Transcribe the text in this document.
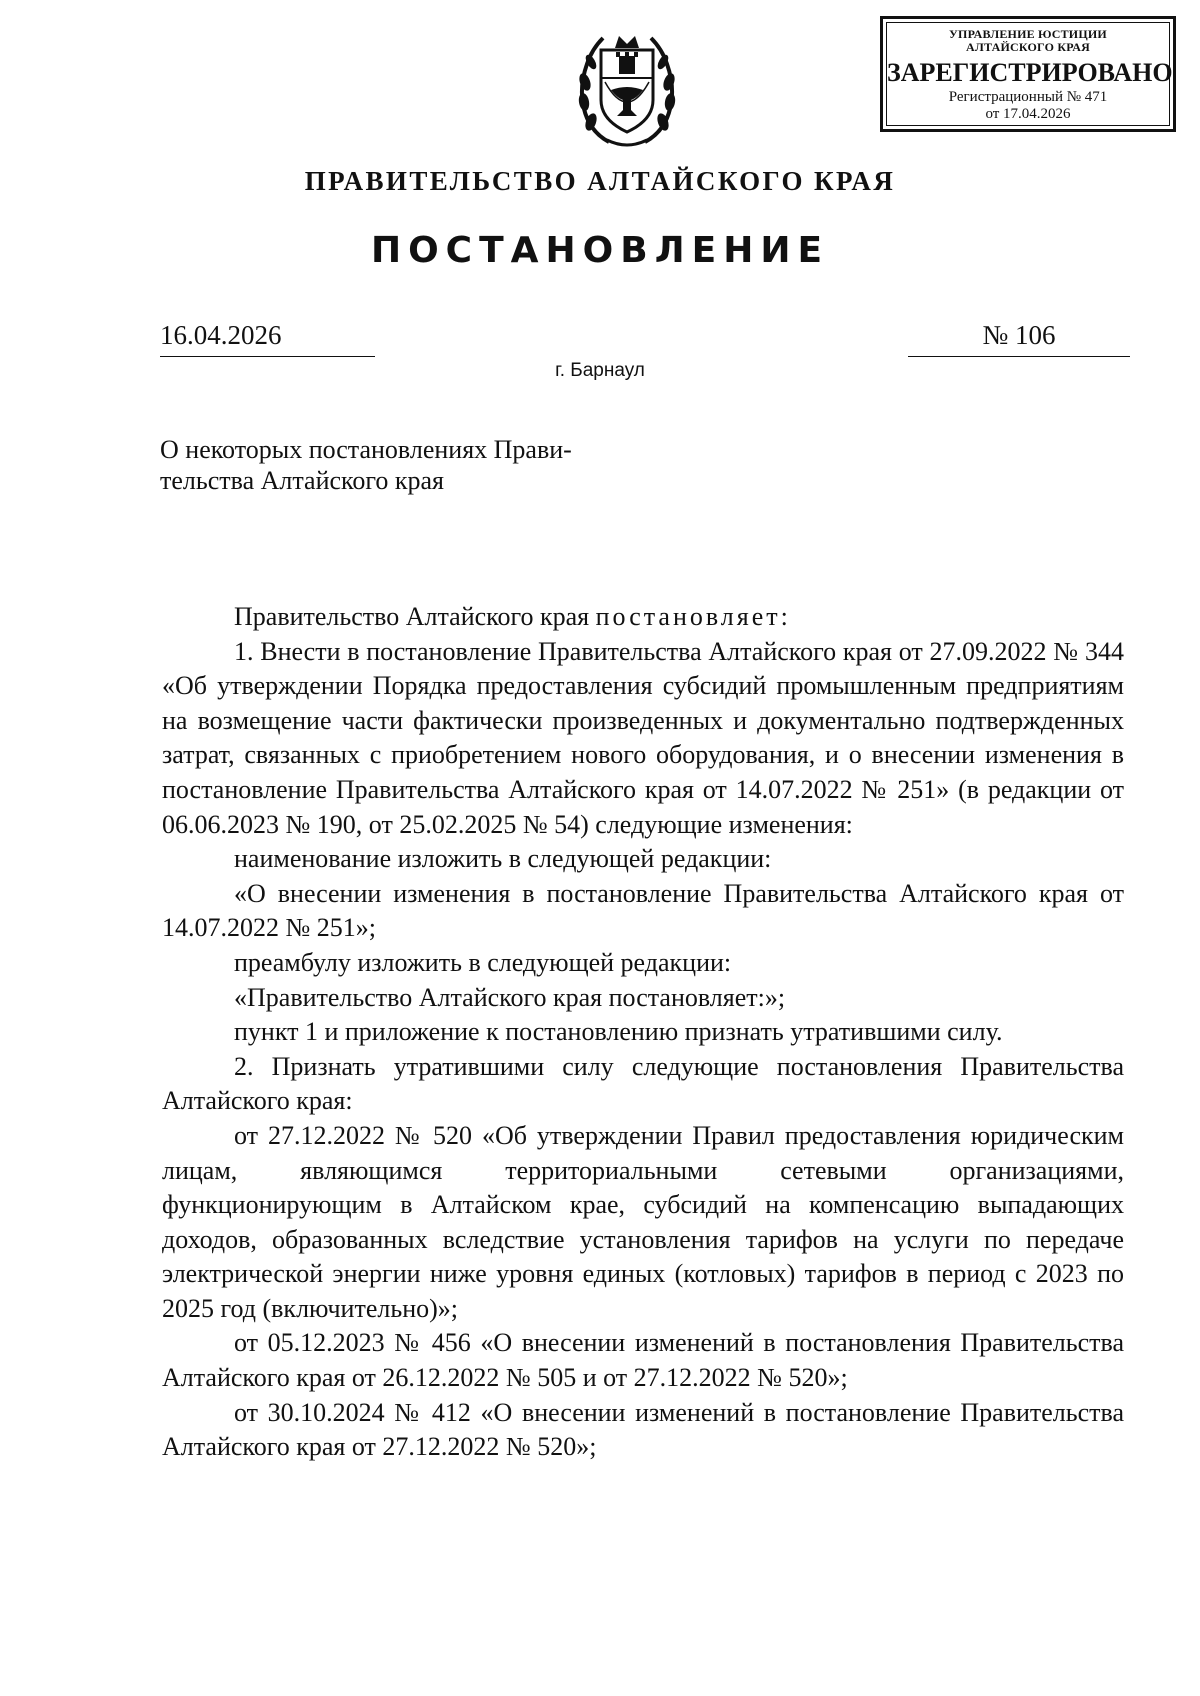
УПРАВЛЕНИЕ ЮСТИЦИИ
АЛТАЙСКОГО КРАЯ
ЗАРЕГИСТРИРОВАНО
Регистрационный № 471
от 17.04.2026
ПРАВИТЕЛЬСТВО АЛТАЙСКОГО КРАЯ
ПОСТАНОВЛЕНИЕ
16.04.2026	№ 106
г. Барнаул
О некоторых постановлениях Прави-
тельства Алтайского края

Правительство Алтайского края постановляет:

1. Внести в постановление Правительства Алтайского края от 27.09.2022 № 344 «Об утверждении Порядка предоставления субсидий промышленным предприятиям на возмещение части фактически произведенных и документально подтвержденных затрат, связанных с приобретением нового оборудования, и о внесении изменения в постановление Правительства Алтайского края от 14.07.2022 № 251» (в редакции от 06.06.2023 № 190, от 25.02.2025 № 54) следующие изменения:

наименование изложить в следующей редакции:

«О внесении изменения в постановление Правительства Алтайского края от 14.07.2022 № 251»;

преамбулу изложить в следующей редакции:

«Правительство Алтайского края постановляет:»;

пункт 1 и приложение к постановлению признать утратившими силу.

2. Признать утратившими силу следующие постановления Правительства Алтайского края:

от 27.12.2022 № 520 «Об утверждении Правил предоставления юридическим лицам, являющимся территориальными сетевыми организациями, функционирующим в Алтайском крае, субсидий на компенсацию выпадающих доходов, образованных вследствие установления тарифов на услуги по передаче электрической энергии ниже уровня единых (котловых) тарифов в период с 2023 по 2025 год (включительно)»;

от 05.12.2023 № 456 «О внесении изменений в постановления Правительства Алтайского края от 26.12.2022 № 505 и от 27.12.2022 № 520»;

от 30.10.2024 № 412 «О внесении изменений в постановление Правительства Алтайского края от 27.12.2022 № 520»;
